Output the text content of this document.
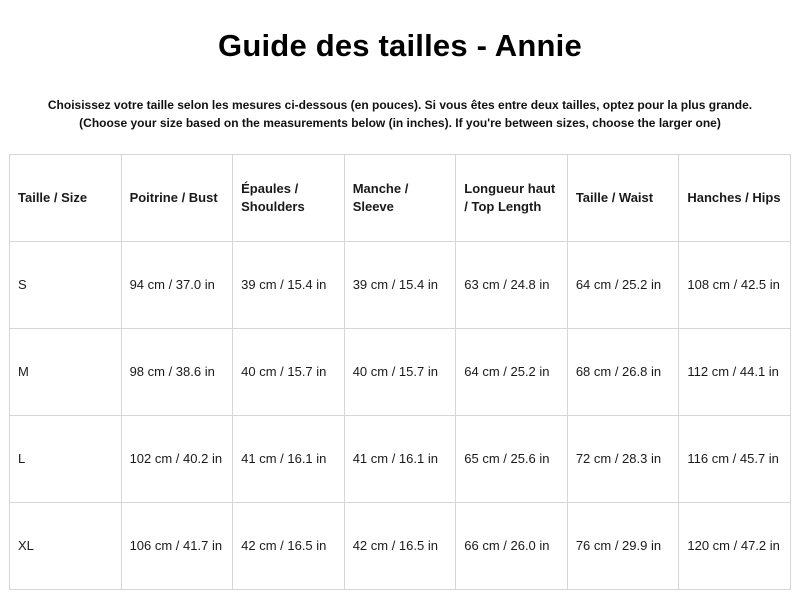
Guide des tailles - Annie
Choisissez votre taille selon les mesures ci-dessous (en pouces). Si vous êtes entre deux tailles, optez pour la plus grande.
(Choose your size based on the measurements below (in inches). If you're between sizes, choose the larger one)
Taille / Size	Poitrine / Bust	Épaules / Shoulders	Manche / Sleeve	Longueur haut / Top Length	Taille / Waist	Hanches / Hips
S	94 cm / 37.0 in	39 cm / 15.4 in	39 cm / 15.4 in	63 cm / 24.8 in	64 cm / 25.2 in	108 cm / 42.5 in
M	98 cm / 38.6 in	40 cm / 15.7 in	40 cm / 15.7 in	64 cm / 25.2 in	68 cm / 26.8 in	112 cm / 44.1 in
L	102 cm / 40.2 in	41 cm / 16.1 in	41 cm / 16.1 in	65 cm / 25.6 in	72 cm / 28.3 in	116 cm / 45.7 in
XL	106 cm / 41.7 in	42 cm / 16.5 in	42 cm / 16.5 in	66 cm / 26.0 in	76 cm / 29.9 in	120 cm / 47.2 in
